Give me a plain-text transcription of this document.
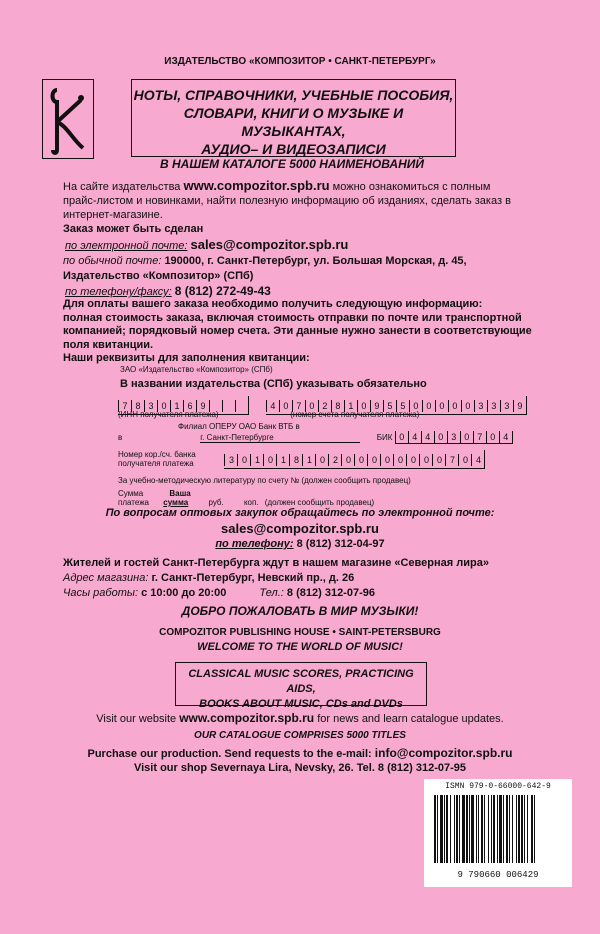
ИЗДАТЕЛЬСТВО «КОМПОЗИТОР • САНКТ-ПЕТЕРБУРГ»
НОТЫ, СПРАВОЧНИКИ, УЧЕБНЫЕ ПОСОБИЯ,
СЛОВАРИ, КНИГИ О МУЗЫКЕ И МУЗЫКАНТАХ,
АУДИО– И ВИДЕОЗАПИСИ
В НАШЕМ КАТАЛОГЕ 5000 НАИМЕНОВАНИЙ
На сайте издательства www.compozitor.spb.ru можно ознакомиться с полным
прайс-листом и новинками, найти полезную информацию об изданиях, сделать заказ в
интернет-магазине.
Заказ может быть сделан
по электронной почте: sales@compozitor.spb.ru
по обычной почте: 190000, г. Санкт-Петербург, ул. Большая Морская, д. 45,
Издательство «Композитор» (СПб)
по телефону/факсу: 8 (812) 272-49-43
Для оплаты вашего заказа необходимо получить следующую информацию:
полная стоимость заказа, включая стоимость отправки по почте или транспортной
компанией; порядковый номер счета. Эти данные нужно занести в соответствующие
поля квитанции.
Наши реквизиты для заполнения квитанции:
ЗАО «Издательство «Композитор» (СПб)
В названии издательства (СПб) указывать обязательно
7 8 3 0 1 6 9	4 0 7 0 2 8 1 0 9 5 5 0 0 0 0 0 3 3 3 9
(ИНН получателя платежа)	(номер счета получателя платежа)
Филиал ОПЕРУ ОАО Банк ВТБ в
в	г. Санкт-Петербурге	БИК 0 4 4 0 3 0 7 0 4
Номер кор./сч. банка получателя платежа	3 0 1 0 1 8 1 0 2 0 0 0 0 0 0 0 0 7 0 4
За учебно-методическую литературу по счету № (должен сообщить продавец)
Сумма	Ваша
платежа сумма	руб.	коп. (должен сообщить продавец)
По вопросам оптовых закупок обращайтесь по электронной почте:
sales@compozitor.spb.ru
по телефону: 8 (812) 312-04-97
Жителей и гостей Санкт-Петербурга ждут в нашем магазине «Северная лира»
Адрес магазина: г. Санкт-Петербург, Невский пр., д. 26
Часы работы: с 10:00 до 20:00	Тел.: 8 (812) 312-07-96
ДОБРО ПОЖАЛОВАТЬ В МИР МУЗЫКИ!
COMPOZITOR PUBLISHING HOUSE • SAINT-PETERSBURG
WELCOME TO THE WORLD OF MUSIC!
CLASSICAL MUSIC SCORES, PRACTICING AIDS,
BOOKS ABOUT MUSIC, CDs and DVDs
Visit our website www.compozitor.spb.ru for news and learn catalogue updates.
OUR CATALOGUE COMPRISES 5000 TITLES
Purchase our production. Send requests to the e-mail: info@compozitor.spb.ru
Visit our shop Severnaya Lira, Nevsky, 26. Tel. 8 (812) 312-07-95
ISMN 979-0-66000-642-9
9 790660 006429
